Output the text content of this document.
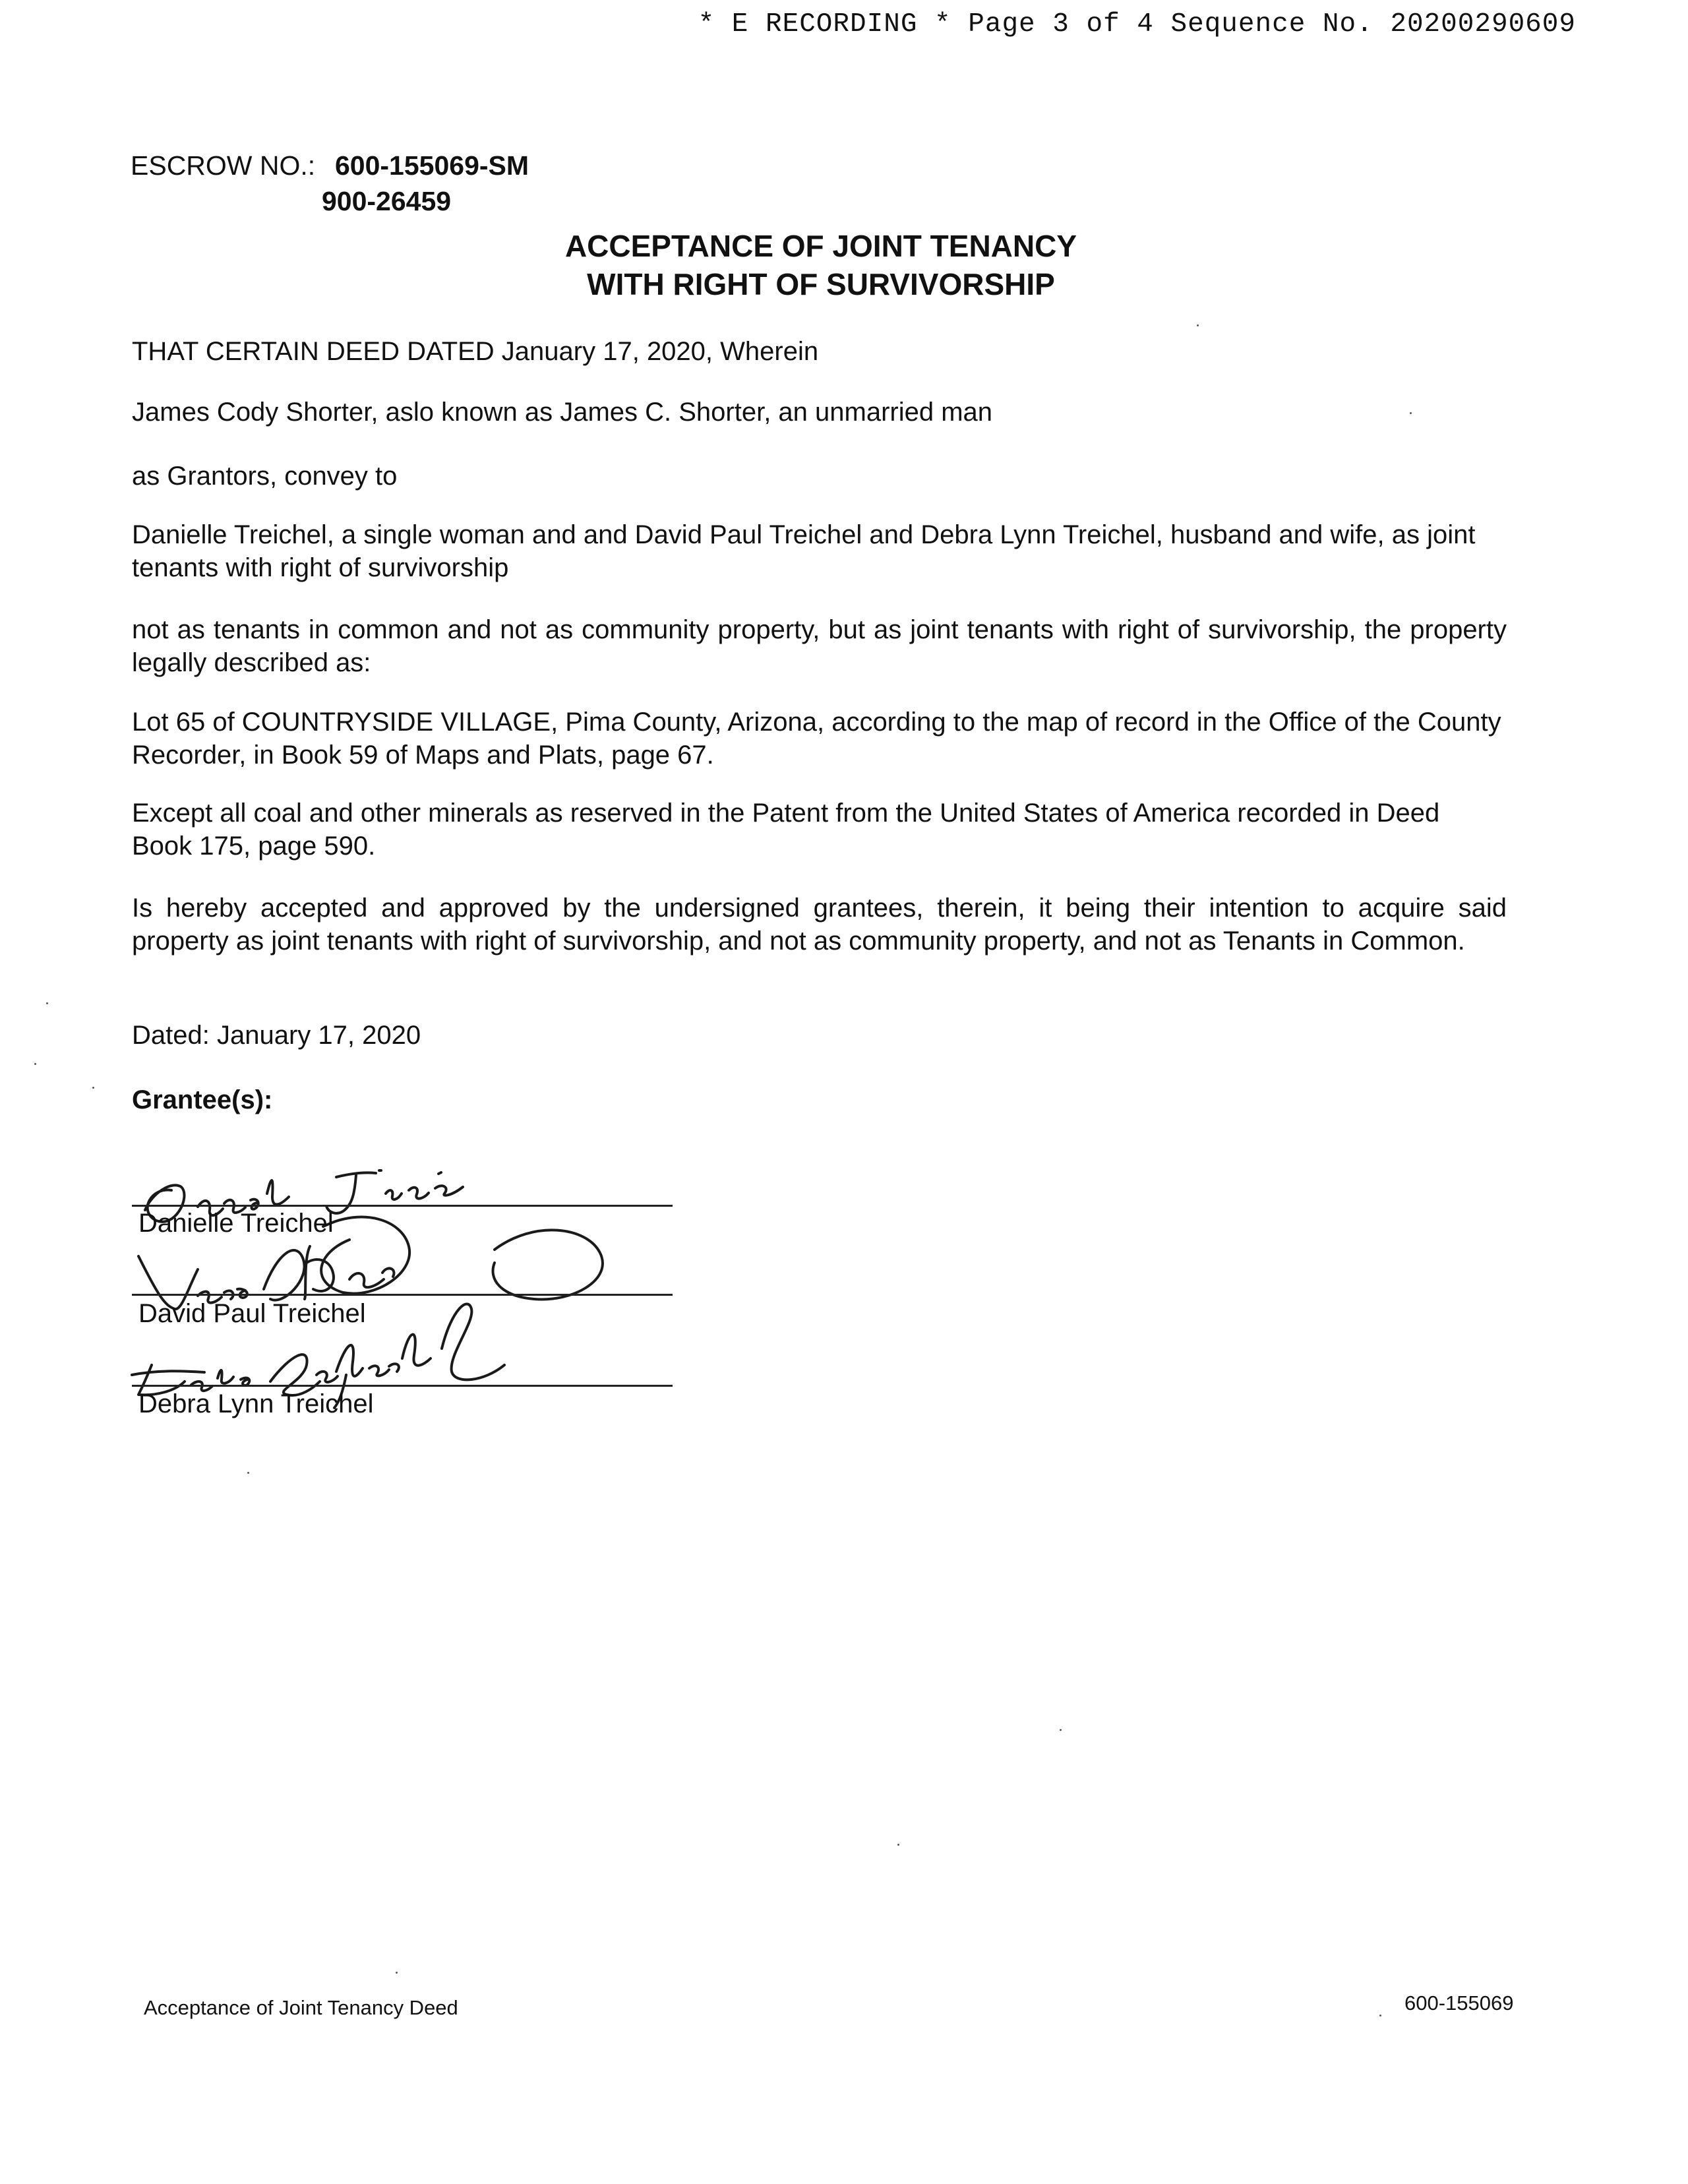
* E RECORDING * Page 3 of 4 Sequence No. 20200290609
ESCROW NO.: 600-155069-SM
900-26459
ACCEPTANCE OF JOINT TENANCY
WITH RIGHT OF SURVIVORSHIP
THAT CERTAIN DEED DATED January 17, 2020, Wherein
James Cody Shorter, aslo known as James C. Shorter, an unmarried man
as Grantors, convey to
Danielle Treichel, a single woman and and David Paul Treichel and Debra Lynn Treichel, husband and wife, as joint tenants with right of survivorship
not as tenants in common and not as community property, but as joint tenants with right of survivorship, the property legally described as:
Lot 65 of COUNTRYSIDE VILLAGE, Pima County, Arizona, according to the map of record in the Office of the County Recorder, in Book 59 of Maps and Plats, page 67.
Except all coal and other minerals as reserved in the Patent from the United States of America recorded in Deed Book 175, page 590.
Is hereby accepted and approved by the undersigned grantees, therein, it being their intention to acquire said property as joint tenants with right of survivorship, and not as community property, and not as Tenants in Common.
Dated: January 17, 2020
Grantee(s):
Danielle Treichel
David Paul Treichel
Debra Lynn Treichel
Acceptance of Joint Tenancy Deed	600-155069
